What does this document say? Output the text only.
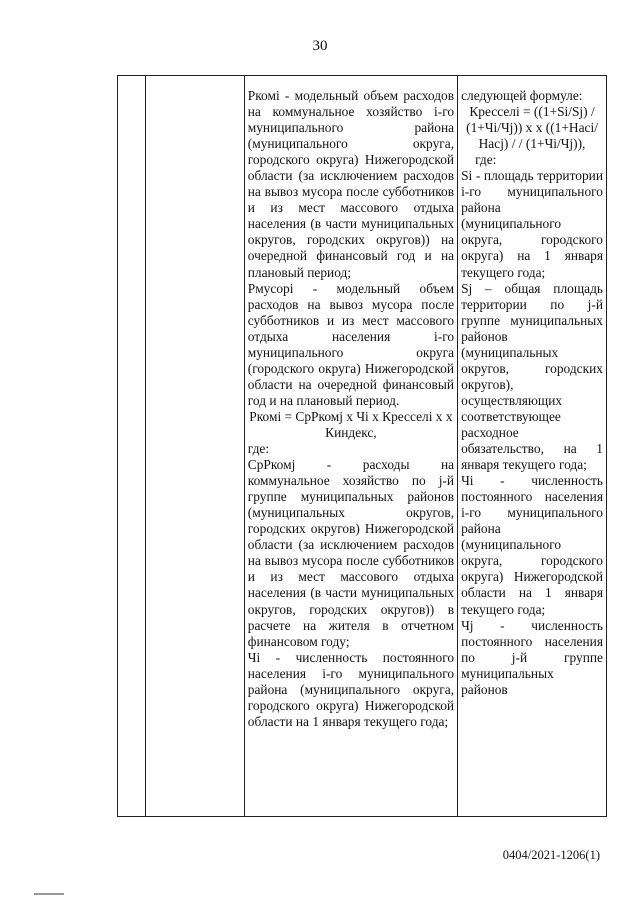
30

Ркомі - модельный объем расходов на коммунальное хозяйство і-го муниципального района (муниципального округа, городского округа) Нижегородской области (за исключением расходов на вывоз мусора после субботников и из мест массового отдыха населения (в части муниципальных округов, городских округов)) на очередной финансовый год и на плановый период;

Рмусорі - модельный объем расходов на вывоз мусора после субботников и из мест массового отдыха населения і-го муниципального округа (городского округа) Нижегородской области на очередной финансовый год и на плановый период.

Ркомі = СрРкомj х Чі х Кресселі х х Киндекс,

где:

СрРкомj - расходы на коммунальное хозяйство по j-й группе муниципальных районов (муниципальных округов, городских округов) Нижегородской области (за исключением расходов на вывоз мусора после субботников и из мест массового отдыха населения (в части муниципальных округов, городских округов)) в расчете на жителя в отчетном финансовом году;

Чі - численность постоянного населения і-го муниципального района (муниципального округа, городского округа) Нижегородской области на 1 января текущего года;

следующей формуле:

Кресселі = ((1+Si/Sj) / (1+Чі/Чj)) х х ((1+Насі/Насj) / / (1+Чі/Чj)),

где:

Si - площадь территории і-го муниципального района (муниципального округа, городского округа) на 1 января текущего года;

Sj – общая площадь территории по j-й группе муниципальных районов (муниципальных округов, городских округов), осуществляющих соответствующее расходное обязательство, на 1 января текущего года;

Чі - численность постоянного населения і-го муниципального района (муниципального округа, городского округа) Нижегородской области на 1 января текущего года;

Чj - численность постоянного населения по j-й группе муниципальных районов

0404/2021-1206(1)
